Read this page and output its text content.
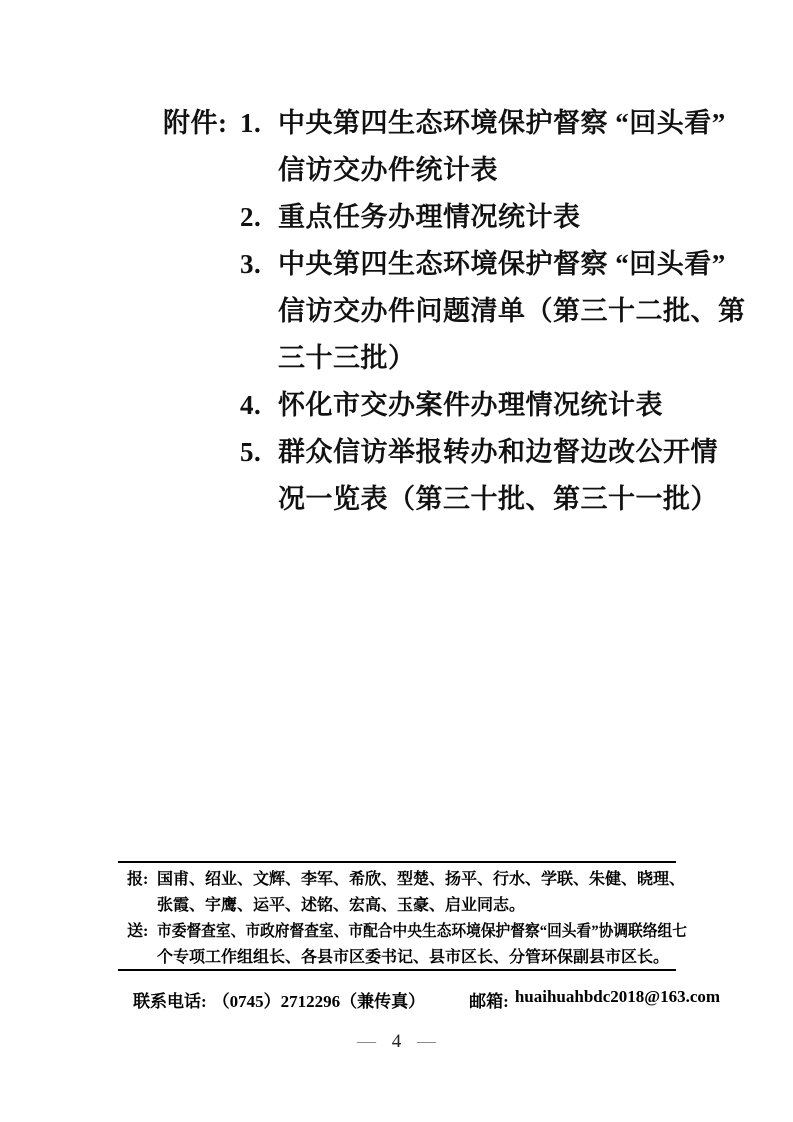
附件: 1. 中央第四生态环境保护督察 “回头看”
信访交办件统计表
2. 重点任务办理情况统计表
3. 中央第四生态环境保护督察 “回头看”
信访交办件问题清单（第三十二批、第
三十三批）
4. 怀化市交办案件办理情况统计表
5. 群众信访举报转办和边督边改公开情
况一览表（第三十批、第三十一批）
报: 国甫、绍业、文辉、李军、希欣、型楚、扬平、行水、学联、朱健、晓理、
张霞、宇鹰、运平、述铭、宏高、玉豪、启业同志。
送: 市委督查室、市政府督查室、市配合中央生态环境保护督察“回头看”协调联络组七
个专项工作组组长、各县市区委书记、县市区长、分管环保副县市区长。
联系电话: （0745）2712296（兼传真）	邮箱: huaihuahbdc2018@163.com
— 4 —
